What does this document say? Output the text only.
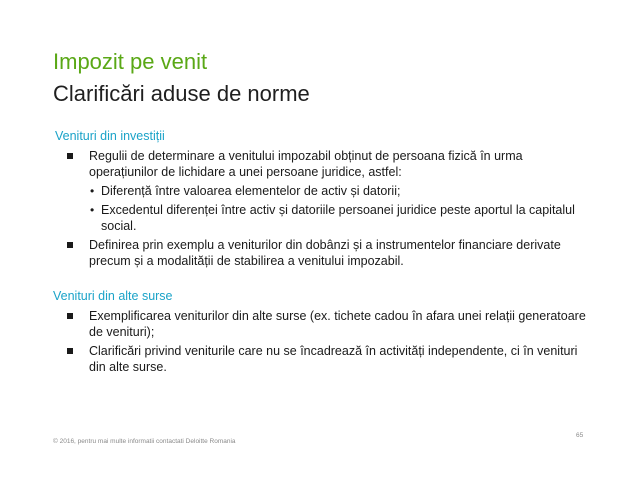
Impozit pe venit
Clarificări aduse de norme
Venituri din investiții
Regulii de determinare a venitului impozabil obținut de persoana fizică în urma operațiunilor de lichidare a unei persoane juridice, astfel:
• Diferență între valoarea elementelor de activ și datorii;
• Excedentul diferenței între activ și datoriile persoanei juridice peste aportul la capitalul social.
Definirea prin exemplu a veniturilor din dobânzi și a instrumentelor financiare derivate precum și a modalității de stabilirea a venitului impozabil.
Venituri din alte surse
Exemplificarea veniturilor din alte surse (ex. tichete cadou în afara unei relații generatoare de venituri);
Clarificări privind veniturile care nu se încadrează în activități independente, ci în venituri din alte surse.
© 2016, pentru mai multe informatii contactati Deloitte Romania
65
